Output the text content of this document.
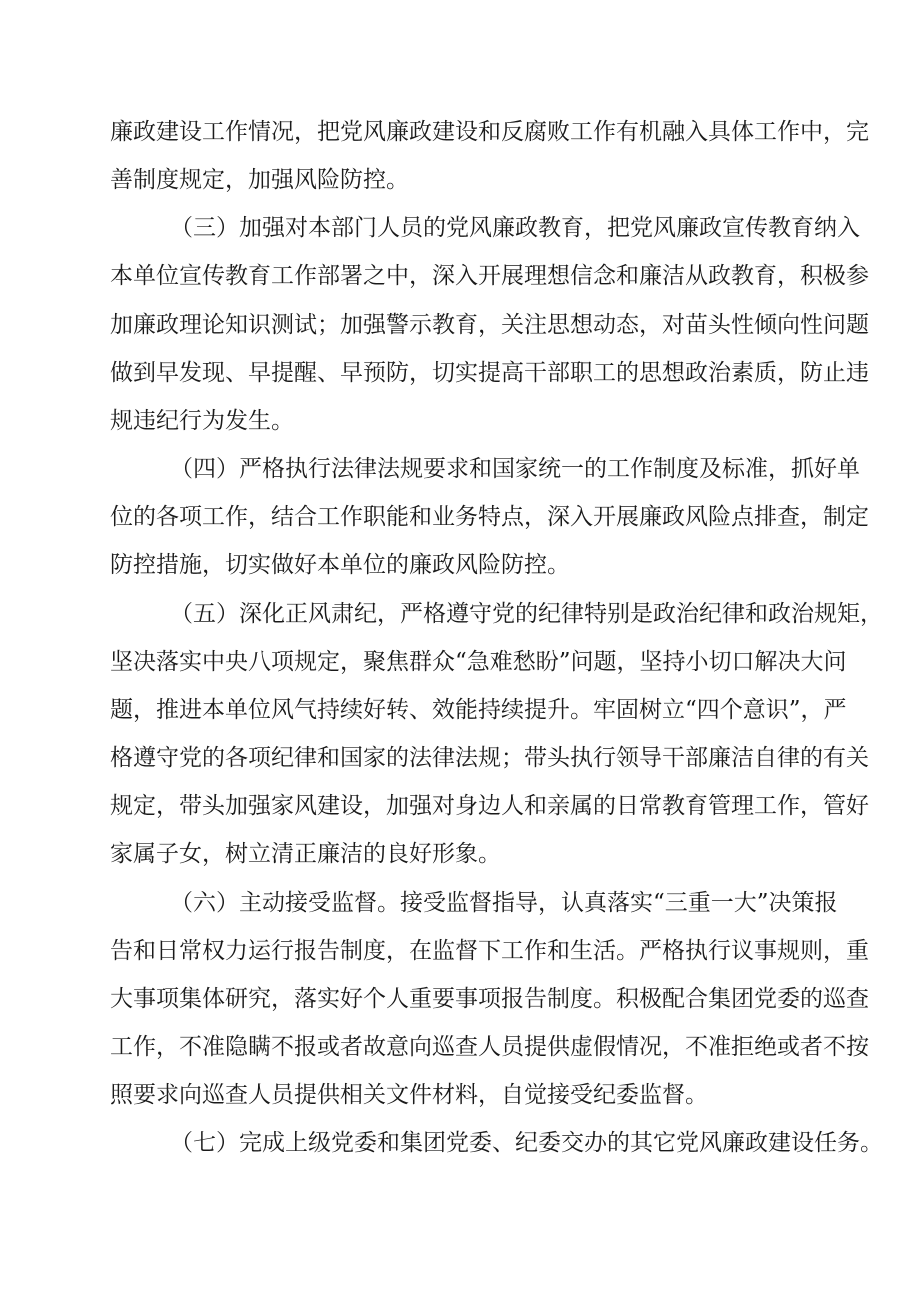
廉政建设工作情况，把党风廉政建设和反腐败工作有机融入具体工作中，完
善制度规定，加强风险防控。
（三）加强对本部门人员的党风廉政教育，把党风廉政宣传教育纳入
本单位宣传教育工作部署之中，深入开展理想信念和廉洁从政教育，积极参
加廉政理论知识测试；加强警示教育，关注思想动态，对苗头性倾向性问题
做到早发现、早提醒、早预防，切实提高干部职工的思想政治素质，防止违
规违纪行为发生。
（四）严格执行法律法规要求和国家统一的工作制度及标准，抓好单
位的各项工作，结合工作职能和业务特点，深入开展廉政风险点排查，制定
防控措施，切实做好本单位的廉政风险防控。
（五）深化正风肃纪，严格遵守党的纪律特别是政治纪律和政治规矩，
坚决落实中央八项规定，聚焦群众“急难愁盼”问题，坚持小切口解决大问
题，推进本单位风气持续好转、效能持续提升。牢固树立“四个意识”，严
格遵守党的各项纪律和国家的法律法规；带头执行领导干部廉洁自律的有关
规定，带头加强家风建设，加强对身边人和亲属的日常教育管理工作，管好
家属子女，树立清正廉洁的良好形象。
（六）主动接受监督。接受监督指导，认真落实“三重一大”决策报
告和日常权力运行报告制度，在监督下工作和生活。严格执行议事规则，重
大事项集体研究，落实好个人重要事项报告制度。积极配合集团党委的巡查
工作，不准隐瞒不报或者故意向巡查人员提供虚假情况，不准拒绝或者不按
照要求向巡查人员提供相关文件材料，自觉接受纪委监督。
（七）完成上级党委和集团党委、纪委交办的其它党风廉政建设任务。
